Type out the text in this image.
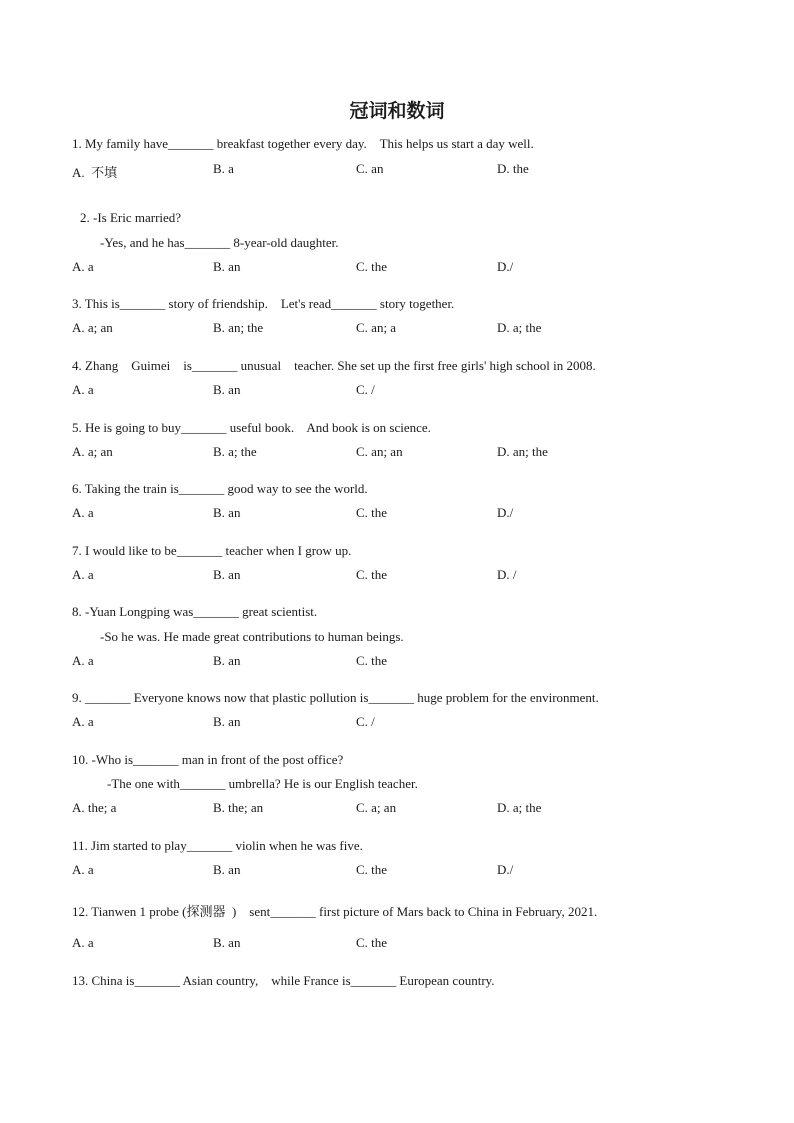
冠词和数词
1. My family have_______ breakfast together every day.    This helps us start a day well.
A.  不填	B. a	C. an	D. the
2. -Is Eric married?
-Yes, and he has_______ 8-year-old daughter.
A. a	B. an	C. the	D./
3. This is_______ story of friendship.    Let's read_______ story together.
A. a; an	B. an; the	C. an; a	D. a; the
4. Zhang    Guimei    is_______ unusual    teacher. She set up the first free girls' high school in 2008.
A. a	B. an	C. /
5. He is going to buy_______ useful book.    And book is on science.
A. a; an	B. a; the	C. an; an	D. an; the
6. Taking the train is_______ good way to see the world.
A. a	B. an	C. the	D./
7. I would like to be_______ teacher when I grow up.
A. a	B. an	C. the	D. /
8. -Yuan Longping was_______ great scientist.
-So he was. He made great contributions to human beings.
A. a	B. an	C. the
9. _______ Everyone knows now that plastic pollution is_______ huge problem for the environment.
A. a	B. an	C. /
10. -Who is_______ man in front of the post office?
-The one with_______ umbrella? He is our English teacher.
A. the; a	B. the; an	C. a; an	D. a; the
11. Jim started to play_______ violin when he was five.
A. a	B. an	C. the	D./
12. Tianwen 1 probe (探测器  )    sent_______ first picture of Mars back to China in February, 2021.
A. a	B. an	C. the
13. China is_______ Asian country,    while France is_______ European country.
